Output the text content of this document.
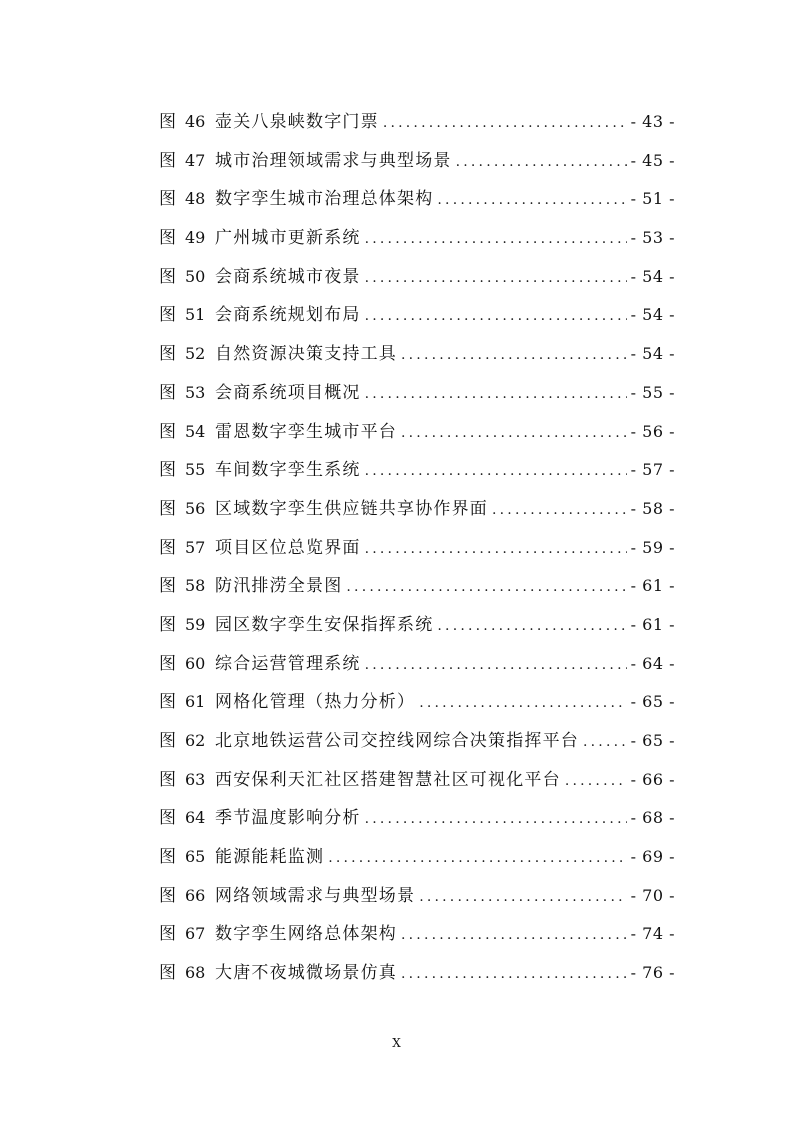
图 46 壶关八泉峡数字门票 .....	- 43 -
图 47 城市治理领域需求与典型场景 .....	- 45 -
图 48 数字孪生城市治理总体架构 .....	- 51 -
图 49 广州城市更新系统 .....	- 53 -
图 50 会商系统城市夜景 .....	- 54 -
图 51 会商系统规划布局 .....	- 54 -
图 52 自然资源决策支持工具 .....	- 54 -
图 53 会商系统项目概况 .....	- 55 -
图 54 雷恩数字孪生城市平台 .....	- 56 -
图 55 车间数字孪生系统 .....	- 57 -
图 56 区域数字孪生供应链共享协作界面 .....	- 58 -
图 57 项目区位总览界面 .....	- 59 -
图 58 防汛排涝全景图 .....	- 61 -
图 59 园区数字孪生安保指挥系统 .....	- 61 -
图 60 综合运营管理系统 .....	- 64 -
图 61 网格化管理（热力分析） .....	- 65 -
图 62 北京地铁运营公司交控线网综合决策指挥平台 .....	- 65 -
图 63 西安保利天汇社区搭建智慧社区可视化平台 .....	- 66 -
图 64 季节温度影响分析 .....	- 68 -
图 65 能源能耗监测 .....	- 69 -
图 66 网络领域需求与典型场景 .....	- 70 -
图 67 数字孪生网络总体架构 .....	- 74 -
图 68 大唐不夜城微场景仿真 .....	- 76 -
X
